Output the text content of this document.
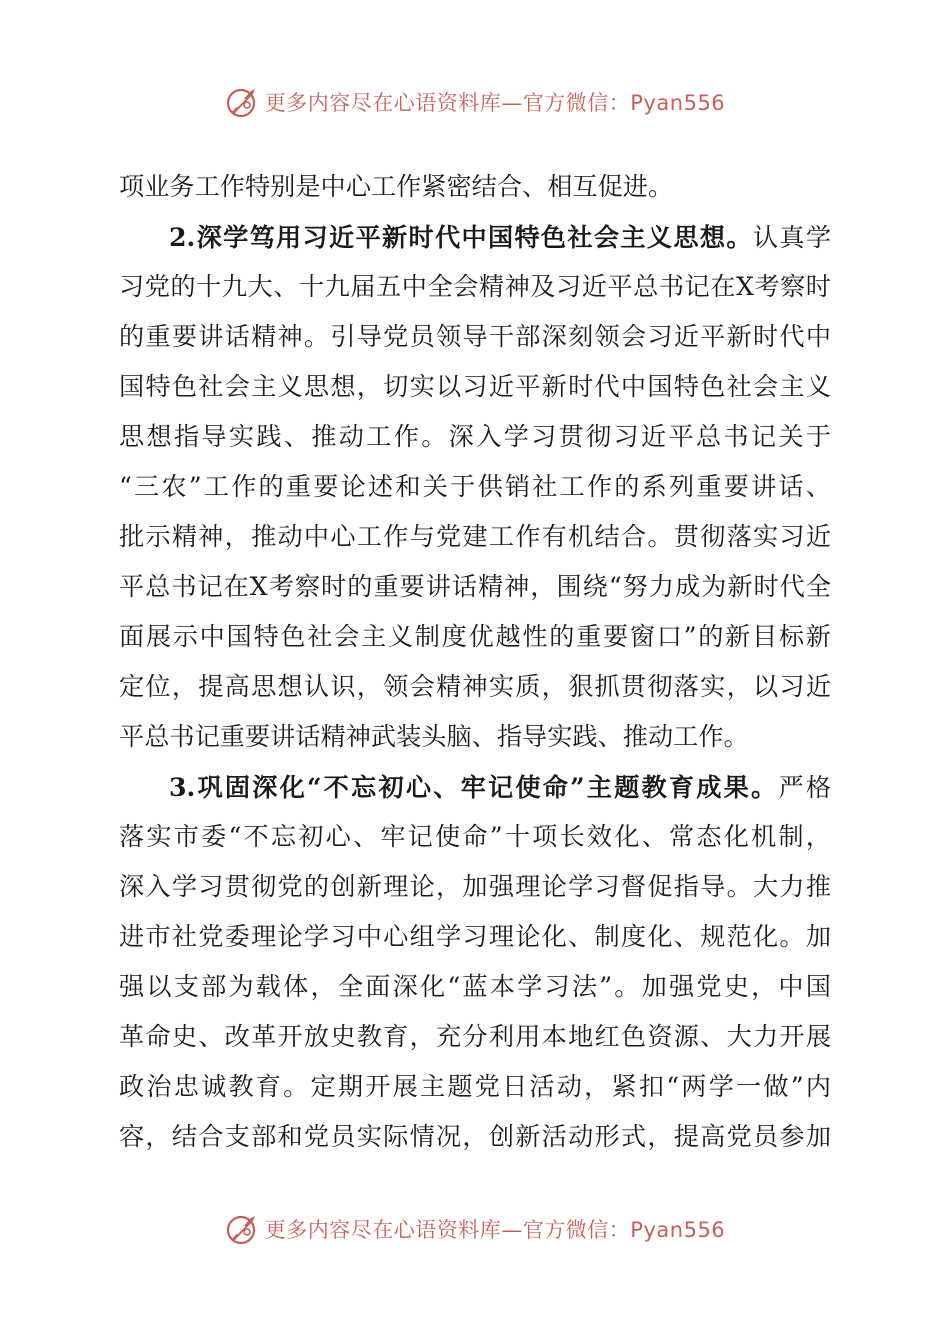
更多内容尽在心语资料库—官方微信：Pyan556
项业务工作特别是中心工作紧密结合、相互促进。
2.深学笃用习近平新时代中国特色社会主义思想。认真学
习党的十九大、十九届五中全会精神及习近平总书记在X考察时
的重要讲话精神。引导党员领导干部深刻领会习近平新时代中
国特色社会主义思想，切实以习近平新时代中国特色社会主义
思想指导实践、推动工作。深入学习贯彻习近平总书记关于
“三农”工作的重要论述和关于供销社工作的系列重要讲话、
批示精神，推动中心工作与党建工作有机结合。贯彻落实习近
平总书记在X考察时的重要讲话精神，围绕“努力成为新时代全
面展示中国特色社会主义制度优越性的重要窗口”的新目标新
定位，提高思想认识，领会精神实质，狠抓贯彻落实，以习近
平总书记重要讲话精神武装头脑、指导实践、推动工作。
3.巩固深化“不忘初心、牢记使命”主题教育成果。严格
落实市委“不忘初心、牢记使命”十项长效化、常态化机制，
深入学习贯彻党的创新理论，加强理论学习督促指导。大力推
进市社党委理论学习中心组学习理论化、制度化、规范化。加
强以支部为载体，全面深化“蓝本学习法”。加强党史，中国
革命史、改革开放史教育，充分利用本地红色资源、大力开展
政治忠诚教育。定期开展主题党日活动，紧扣“两学一做”内
容，结合支部和党员实际情况，创新活动形式，提高党员参加
更多内容尽在心语资料库—官方微信：Pyan556
